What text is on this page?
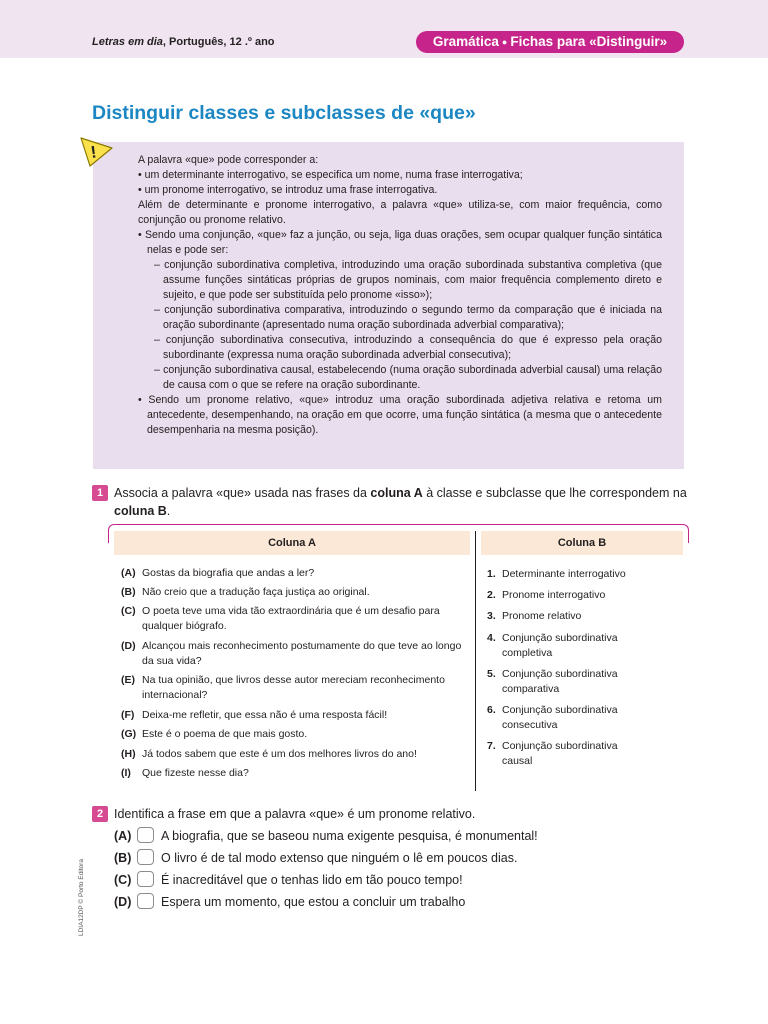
Letras em dia, Português, 12 .º ano	Gramática ● Fichas para «Distinguir»
Distinguir classes e subclasses de «que»
!	A palavra «que» pode corresponder a:

• um determinante interrogativo, se especifica um nome, numa frase interrogativa;

• um pronome interrogativo, se introduz uma frase interrogativa.

Além de determinante e pronome interrogativo, a palavra «que» utiliza-se, com maior frequência, como conjunção ou pronome relativo.

• Sendo uma conjunção, «que» faz a junção, ou seja, liga duas orações, sem ocupar qualquer função sintática nelas e pode ser:

– conjunção subordinativa completiva, introduzindo uma oração subordinada substantiva completiva (que assume funções sintáticas próprias de grupos nominais, com maior frequência complemento direto e sujeito, e que pode ser substituída pelo pronome «isso»);

– conjunção subordinativa comparativa, introduzindo o segundo termo da comparação que é iniciada na oração subordinante (apresentado numa oração subordinada adverbial comparativa);

– conjunção subordinativa consecutiva, introduzindo a consequência do que é expresso pela oração subordinante (expressa numa oração subordinada adverbial consecutiva);

– conjunção subordinativa causal, estabelecendo (numa oração subordinada adverbial causal) uma relação de causa com o que se refere na oração subordinante.

• Sendo um pronome relativo, «que» introduz uma oração subordinada adjetiva relativa e retoma um antecedente, desempenhando, na oração em que ocorre, uma função sintática (a mesma que o antecedente desempenharia na mesma posição).

1 Associa a palavra «que» usada nas frases da coluna A à classe e subclasse que lhe correspondem na coluna B.
Coluna A	Coluna B
(A) Gostas da biografia que andas a ler?
(B) Não creio que a tradução faça justiça ao original.
(C) O poeta teve uma vida tão extraordinária que é um desafio para qualquer biógrafo.
(D) Alcançou mais reconhecimento postumamente do que teve ao longo da sua vida?
(E) Na tua opinião, que livros desse autor mereciam reconhecimento internacional?
(F) Deixa-me refletir, que essa não é uma resposta fácil!
(G) Este é o poema de que mais gosto.
(H) Já todos sabem que este é um dos melhores livros do ano!
(I) Que fizeste nesse dia?
1. Determinante interrogativo
2. Pronome interrogativo
3. Pronome relativo
4. Conjunção subordinativa completiva
5. Conjunção subordinativa comparativa
6. Conjunção subordinativa consecutiva
7. Conjunção subordinativa causal
2 Identifica a frase em que a palavra «que» é um pronome relativo.
(A) A biografia, que se baseou numa exigente pesquisa, é monumental!
(B) O livro é de tal modo extenso que ninguém o lê em poucos dias.
(C) É inacreditável que o tenhas lido em tão pouco tempo!
(D) Espera um momento, que estou a concluir um trabalho
LDIA12DP © Porto Editora
